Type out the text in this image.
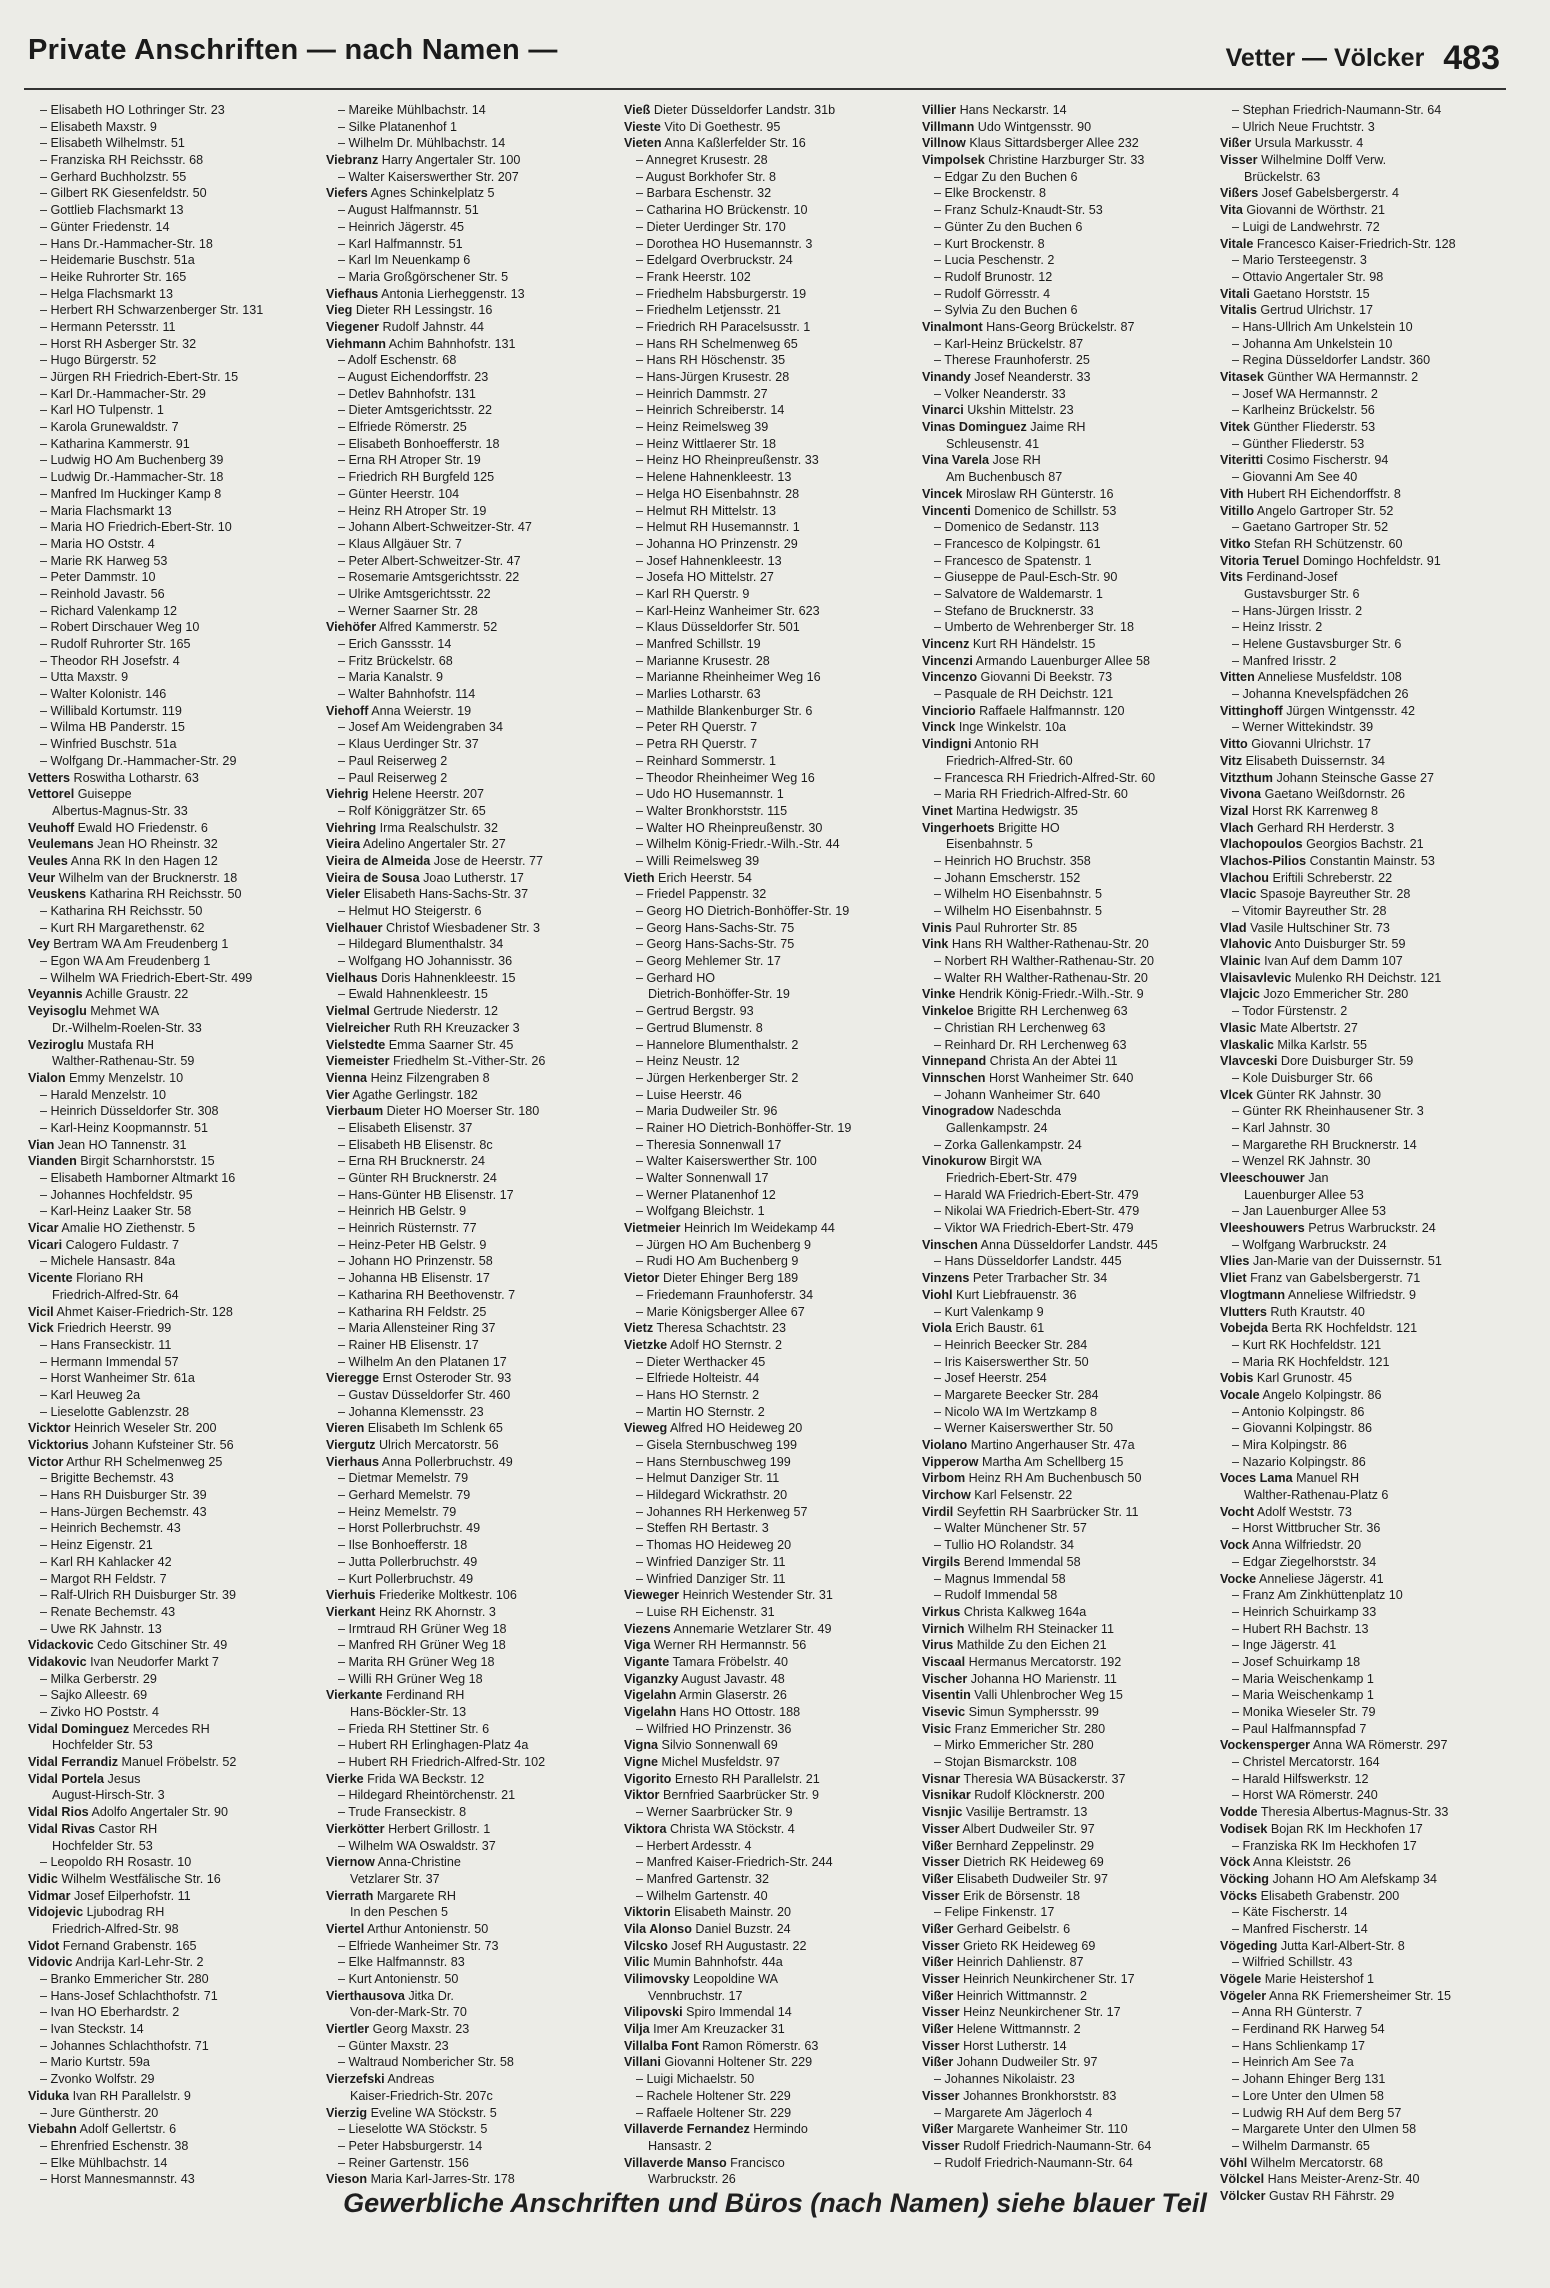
Private Anschriften — nach Namen —	Vetter — Völcker 483
– Elisabeth HO Lothringer Str. 23
– Elisabeth Maxstr. 9
– Elisabeth Wilhelmstr. 51
– Franziska RH Reichsstr. 68
– Gerhard Buchholzstr. 55
– Gilbert RK Giesenfeldstr. 50
– Gottlieb Flachsmarkt 13
– Günter Friedenstr. 14
– Hans Dr.-Hammacher-Str. 18
– Heidemarie Buschstr. 51a
– Heike Ruhrorter Str. 165
– Helga Flachsmarkt 13
– Herbert RH Schwarzenberger Str. 131
– Hermann Petersstr. 11
– Horst RH Asberger Str. 32
– Hugo Bürgerstr. 52
– Jürgen RH Friedrich-Ebert-Str. 15
– Karl Dr.-Hammacher-Str. 29
– Karl HO Tulpenstr. 1
– Karola Grunewaldstr. 7
– Katharina Kammerstr. 91
– Ludwig HO Am Buchenberg 39
– Ludwig Dr.-Hammacher-Str. 18
– Manfred Im Huckinger Kamp 8
– Maria Flachsmarkt 13
– Maria HO Friedrich-Ebert-Str. 10
– Maria HO Oststr. 4
– Marie RK Harweg 53
– Peter Dammstr. 10
– Reinhold Javastr. 56
– Richard Valenkamp 12
– Robert Dirschauer Weg 10
– Rudolf Ruhrorter Str. 165
– Theodor RH Josefstr. 4
– Utta Maxstr. 9
– Walter Kolonistr. 146
– Willibald Kortumstr. 119
– Wilma HB Panderstr. 15
– Winfried Buschstr. 51a
– Wolfgang Dr.-Hammacher-Str. 29
Vetters Roswitha Lotharstr. 63
Vettorel Guiseppe
Albertus-Magnus-Str. 33
Veuhoff Ewald HO Friedenstr. 6
Veulemans Jean HO Rheinstr. 32
Veules Anna RK In den Hagen 12
Veur Wilhelm van der Brucknerstr. 18
Veuskens Katharina RH Reichsstr. 50
– Katharina RH Reichsstr. 50
– Kurt RH Margarethenstr. 62
Vey Bertram WA Am Freudenberg 1
– Egon WA Am Freudenberg 1
– Wilhelm WA Friedrich-Ebert-Str. 499
Veyannis Achille Graustr. 22
Veyisoglu Mehmet WA
Dr.-Wilhelm-Roelen-Str. 33
Veziroglu Mustafa RH
Walther-Rathenau-Str. 59
Vialon Emmy Menzelstr. 10
– Harald Menzelstr. 10
– Heinrich Düsseldorfer Str. 308
– Karl-Heinz Koopmannstr. 51
Vian Jean HO Tannenstr. 31
Vianden Birgit Scharnhorststr. 15
– Elisabeth Hamborner Altmarkt 16
– Johannes Hochfeldstr. 95
– Karl-Heinz Laaker Str. 58
Vicar Amalie HO Ziethenstr. 5
Vicari Calogero Fuldastr. 7
– Michele Hansastr. 84a
Vicente Floriano RH
Friedrich-Alfred-Str. 64
Vicil Ahmet Kaiser-Friedrich-Str. 128
Vick Friedrich Heerstr. 99
– Hans Franseckistr. 11
– Hermann Immendal 57
– Horst Wanheimer Str. 61a
– Karl Heuweg 2a
– Lieselotte Gablenzstr. 28
Vicktor Heinrich Weseler Str. 200
Vicktorius Johann Kufsteiner Str. 56
Victor Arthur RH Schelmenweg 25
– Brigitte Bechemstr. 43
– Hans RH Duisburger Str. 39
– Hans-Jürgen Bechemstr. 43
– Heinrich Bechemstr. 43
– Heinz Eigenstr. 21
– Karl RH Kahlacker 42
– Margot RH Feldstr. 7
– Ralf-Ulrich RH Duisburger Str. 39
– Renate Bechemstr. 43
– Uwe RK Jahnstr. 13
Vidackovic Cedo Gitschiner Str. 49
Vidakovic Ivan Neudorfer Markt 7
– Milka Gerberstr. 29
– Sajko Alleestr. 69
– Zivko HO Poststr. 4
Vidal Dominguez Mercedes RH
Hochfelder Str. 53
Vidal Ferrandiz Manuel Fröbelstr. 52
Vidal Portela Jesus
August-Hirsch-Str. 3
Vidal Rios Adolfo Angertaler Str. 90
Vidal Rivas Castor RH
Hochfelder Str. 53
– Leopoldo RH Rosastr. 10
Vidic Wilhelm Westfälische Str. 16
Vidmar Josef Eilperhofstr. 11
Vidojevic Ljubodrag RH
Friedrich-Alfred-Str. 98
Vidot Fernand Grabenstr. 165
Vidovic Andrija Karl-Lehr-Str. 2
– Branko Emmericher Str. 280
– Hans-Josef Schlachthofstr. 71
– Ivan HO Eberhardstr. 2
– Ivan Steckstr. 14
– Johannes Schlachthofstr. 71
– Mario Kurtstr. 59a
– Zvonko Wolfstr. 29
Viduka Ivan RH Parallelstr. 9
– Jure Güntherstr. 20
Viebahn Adolf Gellertstr. 6
– Ehrenfried Eschenstr. 38
– Elke Mühlbachstr. 14
– Horst Mannesmannstr. 43
– Mareike Mühlbachstr. 14
– Silke Platanenhof 1
– Wilhelm Dr. Mühlbachstr. 14
Viebranz Harry Angertaler Str. 100
– Walter Kaiserswerther Str. 207
Viefers Agnes Schinkelplatz 5
– August Halfmannstr. 51
– Heinrich Jägerstr. 45
– Karl Halfmannstr. 51
– Karl Im Neuenkamp 6
– Maria Großgörschener Str. 5
Viefhaus Antonia Lierheggenstr. 13
Vieg Dieter RH Lessingstr. 16
Viegener Rudolf Jahnstr. 44
Viehmann Achim Bahnhofstr. 131
– Adolf Eschenstr. 68
– August Eichendorffstr. 23
– Detlev Bahnhofstr. 131
– Dieter Amtsgerichtsstr. 22
– Elfriede Römerstr. 25
– Elisabeth Bonhoefferstr. 18
– Erna RH Atroper Str. 19
– Friedrich RH Burgfeld 125
– Günter Heerstr. 104
– Heinz RH Atroper Str. 19
– Johann Albert-Schweitzer-Str. 47
– Klaus Allgäuer Str. 7
– Peter Albert-Schweitzer-Str. 47
– Rosemarie Amtsgerichtsstr. 22
– Ulrike Amtsgerichtsstr. 22
– Werner Saarner Str. 28
Viehöfer Alfred Kammerstr. 52
– Erich Ganssstr. 14
– Fritz Brückelstr. 68
– Maria Kanalstr. 9
– Walter Bahnhofstr. 114
Viehoff Anna Weierstr. 19
– Josef Am Weidengraben 34
– Klaus Uerdinger Str. 37
– Paul Reiserweg 2
– Paul Reiserweg 2
Viehrig Helene Heerstr. 207
– Rolf Königgrätzer Str. 65
Viehring Irma Realschulstr. 32
Vieira Adelino Angertaler Str. 27
Vieira de Almeida Jose de Heerstr. 77
Vieira de Sousa Joao Lutherstr. 17
Vieler Elisabeth Hans-Sachs-Str. 37
– Helmut HO Steigerstr. 6
Vielhauer Christof Wiesbadener Str. 3
– Hildegard Blumenthalstr. 34
– Wolfgang HO Johannisstr. 36
Vielhaus Doris Hahnenkleestr. 15
– Ewald Hahnenkleestr. 15
Vielmal Gertrude Niederstr. 12
Vielreicher Ruth RH Kreuzacker 3
Vielstedte Emma Saarner Str. 45
Viemeister Friedhelm St.-Vither-Str. 26
Vienna Heinz Filzengraben 8
Vier Agathe Gerlingstr. 182
Vierbaum Dieter HO Moerser Str. 180
– Elisabeth Elisenstr. 37
– Elisabeth HB Elisenstr. 8c
– Erna RH Brucknerstr. 24
– Günter RH Brucknerstr. 24
– Hans-Günter HB Elisenstr. 17
– Heinrich HB Gelstr. 9
– Heinrich Rüsternstr. 77
– Heinz-Peter HB Gelstr. 9
– Johann HO Prinzenstr. 58
– Johanna HB Elisenstr. 17
– Katharina RH Beethovenstr. 7
– Katharina RH Feldstr. 25
– Maria Allensteiner Ring 37
– Rainer HB Elisenstr. 17
– Wilhelm An den Platanen 17
Vieregge Ernst Osteroder Str. 93
– Gustav Düsseldorfer Str. 460
– Johanna Klemensstr. 23
Vieren Elisabeth Im Schlenk 65
Viergutz Ulrich Mercatorstr. 56
Vierhaus Anna Pollerbruchstr. 49
– Dietmar Memelstr. 79
– Gerhard Memelstr. 79
– Heinz Memelstr. 79
– Horst Pollerbruchstr. 49
– Ilse Bonhoefferstr. 18
– Jutta Pollerbruchstr. 49
– Kurt Pollerbruchstr. 49
Vierhuis Friederike Moltkestr. 106
Vierkant Heinz RK Ahornstr. 3
– Irmtraud RH Grüner Weg 18
– Manfred RH Grüner Weg 18
– Marita RH Grüner Weg 18
– Willi RH Grüner Weg 18
Vierkante Ferdinand RH
Hans-Böckler-Str. 13
– Frieda RH Stettiner Str. 6
– Hubert RH Erlinghagen-Platz 4a
– Hubert RH Friedrich-Alfred-Str. 102
Vierke Frida WA Beckstr. 12
– Hildegard Rheintörchenstr. 21
– Trude Franseckistr. 8
Vierkötter Herbert Grillostr. 1
– Wilhelm WA Oswaldstr. 37
Viernow Anna-Christine
Vetzlarer Str. 37
Vierrath Margarete RH
In den Peschen 5
Viertel Arthur Antonienstr. 50
– Elfriede Wanheimer Str. 73
– Elke Halfmannstr. 83
– Kurt Antonienstr. 50
Vierthausova Jitka Dr.
Von-der-Mark-Str. 70
Viertler Georg Maxstr. 23
– Günter Maxstr. 23
– Waltraud Nombericher Str. 58
Vierzefski Andreas
Kaiser-Friedrich-Str. 207c
Vierzig Eveline WA Stöckstr. 5
– Lieselotte WA Stöckstr. 5
– Peter Habsburgerstr. 14
– Reiner Gartenstr. 156
Vieson Maria Karl-Jarres-Str. 178
Vieß Dieter Düsseldorfer Landstr. 31b
Vieste Vito Di Goethestr. 95
Vieten Anna Kaßlerfelder Str. 16
– Annegret Krusestr. 28
– August Borkhofer Str. 8
– Barbara Eschenstr. 32
– Catharina HO Brückenstr. 10
– Dieter Uerdinger Str. 170
– Dorothea HO Husemannstr. 3
– Edelgard Overbruckstr. 24
– Frank Heerstr. 102
– Friedhelm Habsburgerstr. 19
– Friedhelm Letjensstr. 21
– Friedrich RH Paracelsusstr. 1
– Hans RH Schelmenweg 65
– Hans RH Höschenstr. 35
– Hans-Jürgen Krusestr. 28
– Heinrich Dammstr. 27
– Heinrich Schreiberstr. 14
– Heinz Reimelsweg 39
– Heinz Wittlaerer Str. 18
– Heinz HO Rheinpreußenstr. 33
– Helene Hahnenkleestr. 13
– Helga HO Eisenbahnstr. 28
– Helmut RH Mittelstr. 13
– Helmut RH Husemannstr. 1
– Johanna HO Prinzenstr. 29
– Josef Hahnenkleestr. 13
– Josefa HO Mittelstr. 27
– Karl RH Querstr. 9
– Karl-Heinz Wanheimer Str. 623
– Klaus Düsseldorfer Str. 501
– Manfred Schillstr. 19
– Marianne Krusestr. 28
– Marianne Rheinheimer Weg 16
– Marlies Lotharstr. 63
– Mathilde Blankenburger Str. 6
– Peter RH Querstr. 7
– Petra RH Querstr. 7
– Reinhard Sommerstr. 1
– Theodor Rheinheimer Weg 16
– Udo HO Husemannstr. 1
– Walter Bronkhorststr. 115
– Walter HO Rheinpreußenstr. 30
– Wilhelm König-Friedr.-Wilh.-Str. 44
– Willi Reimelsweg 39
Vieth Erich Heerstr. 54
– Friedel Pappenstr. 32
– Georg HO Dietrich-Bonhöffer-Str. 19
– Georg Hans-Sachs-Str. 75
– Georg Hans-Sachs-Str. 75
– Georg Mehlemer Str. 17
– Gerhard HO
Dietrich-Bonhöffer-Str. 19
– Gertrud Bergstr. 93
– Gertrud Blumenstr. 8
– Hannelore Blumenthalstr. 2
– Heinz Neustr. 12
– Jürgen Herkenberger Str. 2
– Luise Heerstr. 46
– Maria Dudweiler Str. 96
– Rainer HO Dietrich-Bonhöffer-Str. 19
– Theresia Sonnenwall 17
– Walter Kaiserswerther Str. 100
– Walter Sonnenwall 17
– Werner Platanenhof 12
– Wolfgang Bleichstr. 1
Vietmeier Heinrich Im Weidekamp 44
– Jürgen HO Am Buchenberg 9
– Rudi HO Am Buchenberg 9
Vietor Dieter Ehinger Berg 189
– Friedemann Fraunhoferstr. 34
– Marie Königsberger Allee 67
Vietz Theresa Schachtstr. 23
Vietzke Adolf HO Sternstr. 2
– Dieter Werthacker 45
– Elfriede Holteistr. 44
– Hans HO Sternstr. 2
– Martin HO Sternstr. 2
Vieweg Alfred HO Heideweg 20
– Gisela Sternbuschweg 199
– Hans Sternbuschweg 199
– Helmut Danziger Str. 11
– Hildegard Wickrathstr. 20
– Johannes RH Herkenweg 57
– Steffen RH Bertastr. 3
– Thomas HO Heideweg 20
– Winfried Danziger Str. 11
– Winfried Danziger Str. 11
Vieweger Heinrich Westender Str. 31
– Luise RH Eichenstr. 31
Viezens Annemarie Wetzlarer Str. 49
Viga Werner RH Hermannstr. 56
Vigante Tamara Fröbelstr. 40
Viganzky August Javastr. 48
Vigelahn Armin Glaserstr. 26
Vigelahn Hans HO Ottostr. 188
– Wilfried HO Prinzenstr. 36
Vigna Silvio Sonnenwall 69
Vigne Michel Musfeldstr. 97
Vigorito Ernesto RH Parallelstr. 21
Viktor Bernfried Saarbrücker Str. 9
– Werner Saarbrücker Str. 9
Viktora Christa WA Stöckstr. 4
– Herbert Ardesstr. 4
– Manfred Kaiser-Friedrich-Str. 244
– Manfred Gartenstr. 32
– Wilhelm Gartenstr. 40
Viktorin Elisabeth Mainstr. 20
Vila Alonso Daniel Buzstr. 24
Vilcsko Josef RH Augustastr. 22
Vilic Mumin Bahnhofstr. 44a
Vilimovsky Leopoldine WA
Vennbruchstr. 17
Vilipovski Spiro Immendal 14
Vilja Imer Am Kreuzacker 31
Villalba Font Ramon Römerstr. 63
Villani Giovanni Holtener Str. 229
– Luigi Michaelstr. 50
– Rachele Holtener Str. 229
– Raffaele Holtener Str. 229
Villaverde Fernandez Hermindo
Hansastr. 2
Villaverde Manso Francisco
Warbruckstr. 26
Villier Hans Neckarstr. 14
Villmann Udo Wintgensstr. 90
Villnow Klaus Sittardsberger Allee 232
Vimpolsek Christine Harzburger Str. 33
– Edgar Zu den Buchen 6
– Elke Brockenstr. 8
– Franz Schulz-Knaudt-Str. 53
– Günter Zu den Buchen 6
– Kurt Brockenstr. 8
– Lucia Peschenstr. 2
– Rudolf Brunostr. 12
– Rudolf Görresstr. 4
– Sylvia Zu den Buchen 6
Vinalmont Hans-Georg Brückelstr. 87
– Karl-Heinz Brückelstr. 87
– Therese Fraunhoferstr. 25
Vinandy Josef Neanderstr. 33
– Volker Neanderstr. 33
Vinarci Ukshin Mittelstr. 23
Vinas Dominguez Jaime RH
Schleusenstr. 41
Vina Varela Jose RH
Am Buchenbusch 87
Vincek Miroslaw RH Günterstr. 16
Vincenti Domenico de Schillstr. 53
– Domenico de Sedanstr. 113
– Francesco de Kolpingstr. 61
– Francesco de Spatenstr. 1
– Giuseppe de Paul-Esch-Str. 90
– Salvatore de Waldemarstr. 1
– Stefano de Brucknerstr. 33
– Umberto de Wehrenberger Str. 18
Vincenz Kurt RH Händelstr. 15
Vincenzi Armando Lauenburger Allee 58
Vincenzo Giovanni Di Beekstr. 73
– Pasquale de RH Deichstr. 121
Vinciorio Raffaele Halfmannstr. 120
Vinck Inge Winkelstr. 10a
Vindigni Antonio RH
Friedrich-Alfred-Str. 60
– Francesca RH Friedrich-Alfred-Str. 60
– Maria RH Friedrich-Alfred-Str. 60
Vinet Martina Hedwigstr. 35
Vingerhoets Brigitte HO
Eisenbahnstr. 5
– Heinrich HO Bruchstr. 358
– Johann Emscherstr. 152
– Wilhelm HO Eisenbahnstr. 5
– Wilhelm HO Eisenbahnstr. 5
Vinis Paul Ruhrorter Str. 85
Vink Hans RH Walther-Rathenau-Str. 20
– Norbert RH Walther-Rathenau-Str. 20
– Walter RH Walther-Rathenau-Str. 20
Vinke Hendrik König-Friedr.-Wilh.-Str. 9
Vinkeloe Brigitte RH Lerchenweg 63
– Christian RH Lerchenweg 63
– Reinhard Dr. RH Lerchenweg 63
Vinnepand Christa An der Abtei 11
Vinnschen Horst Wanheimer Str. 640
– Johann Wanheimer Str. 640
Vinogradow Nadeschda
Gallenkampstr. 24
– Zorka Gallenkampstr. 24
Vinokurow Birgit WA
Friedrich-Ebert-Str. 479
– Harald WA Friedrich-Ebert-Str. 479
– Nikolai WA Friedrich-Ebert-Str. 479
– Viktor WA Friedrich-Ebert-Str. 479
Vinschen Anna Düsseldorfer Landstr. 445
– Hans Düsseldorfer Landstr. 445
Vinzens Peter Trarbacher Str. 34
Viohl Kurt Liebfrauenstr. 36
– Kurt Valenkamp 9
Viola Erich Baustr. 61
– Heinrich Beecker Str. 284
– Iris Kaiserswerther Str. 50
– Josef Heerstr. 254
– Margarete Beecker Str. 284
– Nicolo WA Im Wertzkamp 8
– Werner Kaiserswerther Str. 50
Violano Martino Angerhauser Str. 47a
Vipperow Martha Am Schellberg 15
Virbom Heinz RH Am Buchenbusch 50
Virchow Karl Felsenstr. 22
Virdil Seyfettin RH Saarbrücker Str. 11
– Walter Münchener Str. 57
– Tullio HO Rolandstr. 34
Virgils Berend Immendal 58
– Magnus Immendal 58
– Rudolf Immendal 58
Virkus Christa Kalkweg 164a
Virnich Wilhelm RH Steinacker 11
Virus Mathilde Zu den Eichen 21
Viscaal Hermanus Mercatorstr. 192
Vischer Johanna HO Marienstr. 11
Visentin Valli Uhlenbrocher Weg 15
Visevic Simun Symphersstr. 99
Visic Franz Emmericher Str. 280
– Mirko Emmericher Str. 280
– Stojan Bismarckstr. 108
Visnar Theresia WA Büsackerstr. 37
Visnikar Rudolf Klöcknerstr. 200
Visnjic Vasilije Bertramstr. 13
Visser Albert Dudweiler Str. 97
Vißer Bernhard Zeppelinstr. 29
Visser Dietrich RK Heideweg 69
Vißer Elisabeth Dudweiler Str. 97
Visser Erik de Börsenstr. 18
– Felipe Finkenstr. 17
Vißer Gerhard Geibelstr. 6
Visser Grieto RK Heideweg 69
Vißer Heinrich Dahlienstr. 87
Visser Heinrich Neunkirchener Str. 17
Vißer Heinrich Wittmannstr. 2
Visser Heinz Neunkirchener Str. 17
Vißer Helene Wittmannstr. 2
Visser Horst Lutherstr. 14
Vißer Johann Dudweiler Str. 97
– Johannes Nikolaistr. 23
Visser Johannes Bronkhorststr. 83
– Margarete Am Jägerloch 4
Vißer Margarete Wanheimer Str. 110
Visser Rudolf Friedrich-Naumann-Str. 64
– Rudolf Friedrich-Naumann-Str. 64
– Stephan Friedrich-Naumann-Str. 64
– Ulrich Neue Fruchtstr. 3
Vißer Ursula Markusstr. 4
Visser Wilhelmine Dolff Verw.
Brückelstr. 63
Vißers Josef Gabelsbergerstr. 4
Vita Giovanni de Wörthstr. 21
– Luigi de Landwehrstr. 72
Vitale Francesco Kaiser-Friedrich-Str. 128
– Mario Tersteegenstr. 3
– Ottavio Angertaler Str. 98
Vitali Gaetano Horststr. 15
Vitalis Gertrud Ulrichstr. 17
– Hans-Ullrich Am Unkelstein 10
– Johanna Am Unkelstein 10
– Regina Düsseldorfer Landstr. 360
Vitasek Günther WA Hermannstr. 2
– Josef WA Hermannstr. 2
– Karlheinz Brückelstr. 56
Vitek Günther Fliederstr. 53
– Günther Fliederstr. 53
Viteritti Cosimo Fischerstr. 94
– Giovanni Am See 40
Vith Hubert RH Eichendorffstr. 8
Vitillo Angelo Gartroper Str. 52
– Gaetano Gartroper Str. 52
Vitko Stefan RH Schützenstr. 60
Vitoria Teruel Domingo Hochfeldstr. 91
Vits Ferdinand-Josef
Gustavsburger Str. 6
– Hans-Jürgen Irisstr. 2
– Heinz Irisstr. 2
– Helene Gustavsburger Str. 6
– Manfred Irisstr. 2
Vitten Anneliese Musfeldstr. 108
– Johanna Knevelspfädchen 26
Vittinghoff Jürgen Wintgensstr. 42
– Werner Wittekindstr. 39
Vitto Giovanni Ulrichstr. 17
Vitz Elisabeth Duissernstr. 34
Vitzthum Johann Steinsche Gasse 27
Vivona Gaetano Weißdornstr. 26
Vizal Horst RK Karrenweg 8
Vlach Gerhard RH Herderstr. 3
Vlachopoulos Georgios Bachstr. 21
Vlachos-Pilios Constantin Mainstr. 53
Vlachou Eriftili Schreberstr. 22
Vlacic Spasoje Bayreuther Str. 28
– Vitomir Bayreuther Str. 28
Vlad Vasile Hultschiner Str. 73
Vlahovic Anto Duisburger Str. 59
Vlainic Ivan Auf dem Damm 107
Vlaisavlevic Mulenko RH Deichstr. 121
Vlajcic Jozo Emmericher Str. 280
– Todor Fürstenstr. 2
Vlasic Mate Albertstr. 27
Vlaskalic Milka Karlstr. 55
Vlavceski Dore Duisburger Str. 59
– Kole Duisburger Str. 66
Vlcek Günter RK Jahnstr. 30
– Günter RK Rheinhausener Str. 3
– Karl Jahnstr. 30
– Margarethe RH Brucknerstr. 14
– Wenzel RK Jahnstr. 30
Vleeschouwer Jan
Lauenburger Allee 53
– Jan Lauenburger Allee 53
Vleeshouwers Petrus Warbruckstr. 24
– Wolfgang Warbruckstr. 24
Vlies Jan-Marie van der Duissernstr. 51
Vliet Franz van Gabelsbergerstr. 71
Vlogtmann Anneliese Wilfriedstr. 9
Vlutters Ruth Krautstr. 40
Vobejda Berta RK Hochfeldstr. 121
– Kurt RK Hochfeldstr. 121
– Maria RK Hochfeldstr. 121
Vobis Karl Grunostr. 45
Vocale Angelo Kolpingstr. 86
– Antonio Kolpingstr. 86
– Giovanni Kolpingstr. 86
– Mira Kolpingstr. 86
– Nazario Kolpingstr. 86
Voces Lama Manuel RH
Walther-Rathenau-Platz 6
Vocht Adolf Weststr. 73
– Horst Wittbrucher Str. 36
Vock Anna Wilfriedstr. 20
– Edgar Ziegelhorststr. 34
Vocke Anneliese Jägerstr. 41
– Franz Am Zinkhüttenplatz 10
– Heinrich Schuirkamp 33
– Hubert RH Bachstr. 13
– Inge Jägerstr. 41
– Josef Schuirkamp 18
– Maria Weischenkamp 1
– Maria Weischenkamp 1
– Monika Wieseler Str. 79
– Paul Halfmannspfad 7
Vockensperger Anna WA Römerstr. 297
– Christel Mercatorstr. 164
– Harald Hilfswerkstr. 12
– Horst WA Römerstr. 240
Vodde Theresia Albertus-Magnus-Str. 33
Vodisek Bojan RK Im Heckhofen 17
– Franziska RK Im Heckhofen 17
Vöck Anna Kleiststr. 26
Vöcking Johann HO Am Alefskamp 34
Vöcks Elisabeth Grabenstr. 200
– Käte Fischerstr. 14
– Manfred Fischerstr. 14
Vögeding Jutta Karl-Albert-Str. 8
– Wilfried Schillstr. 43
Vögele Marie Heistershof 1
Vögeler Anna RK Friemersheimer Str. 15
– Anna RH Günterstr. 7
– Ferdinand RK Harweg 54
– Hans Schlienkamp 17
– Heinrich Am See 7a
– Johann Ehinger Berg 131
– Lore Unter den Ulmen 58
– Ludwig RH Auf dem Berg 57
– Margarete Unter den Ulmen 58
– Wilhelm Darmanstr. 65
Vöhl Wilhelm Mercatorstr. 68
Völckel Hans Meister-Arenz-Str. 40
Völcker Gustav RH Fährstr. 29
Gewerbliche Anschriften und Büros (nach Namen) siehe blauer Teil
